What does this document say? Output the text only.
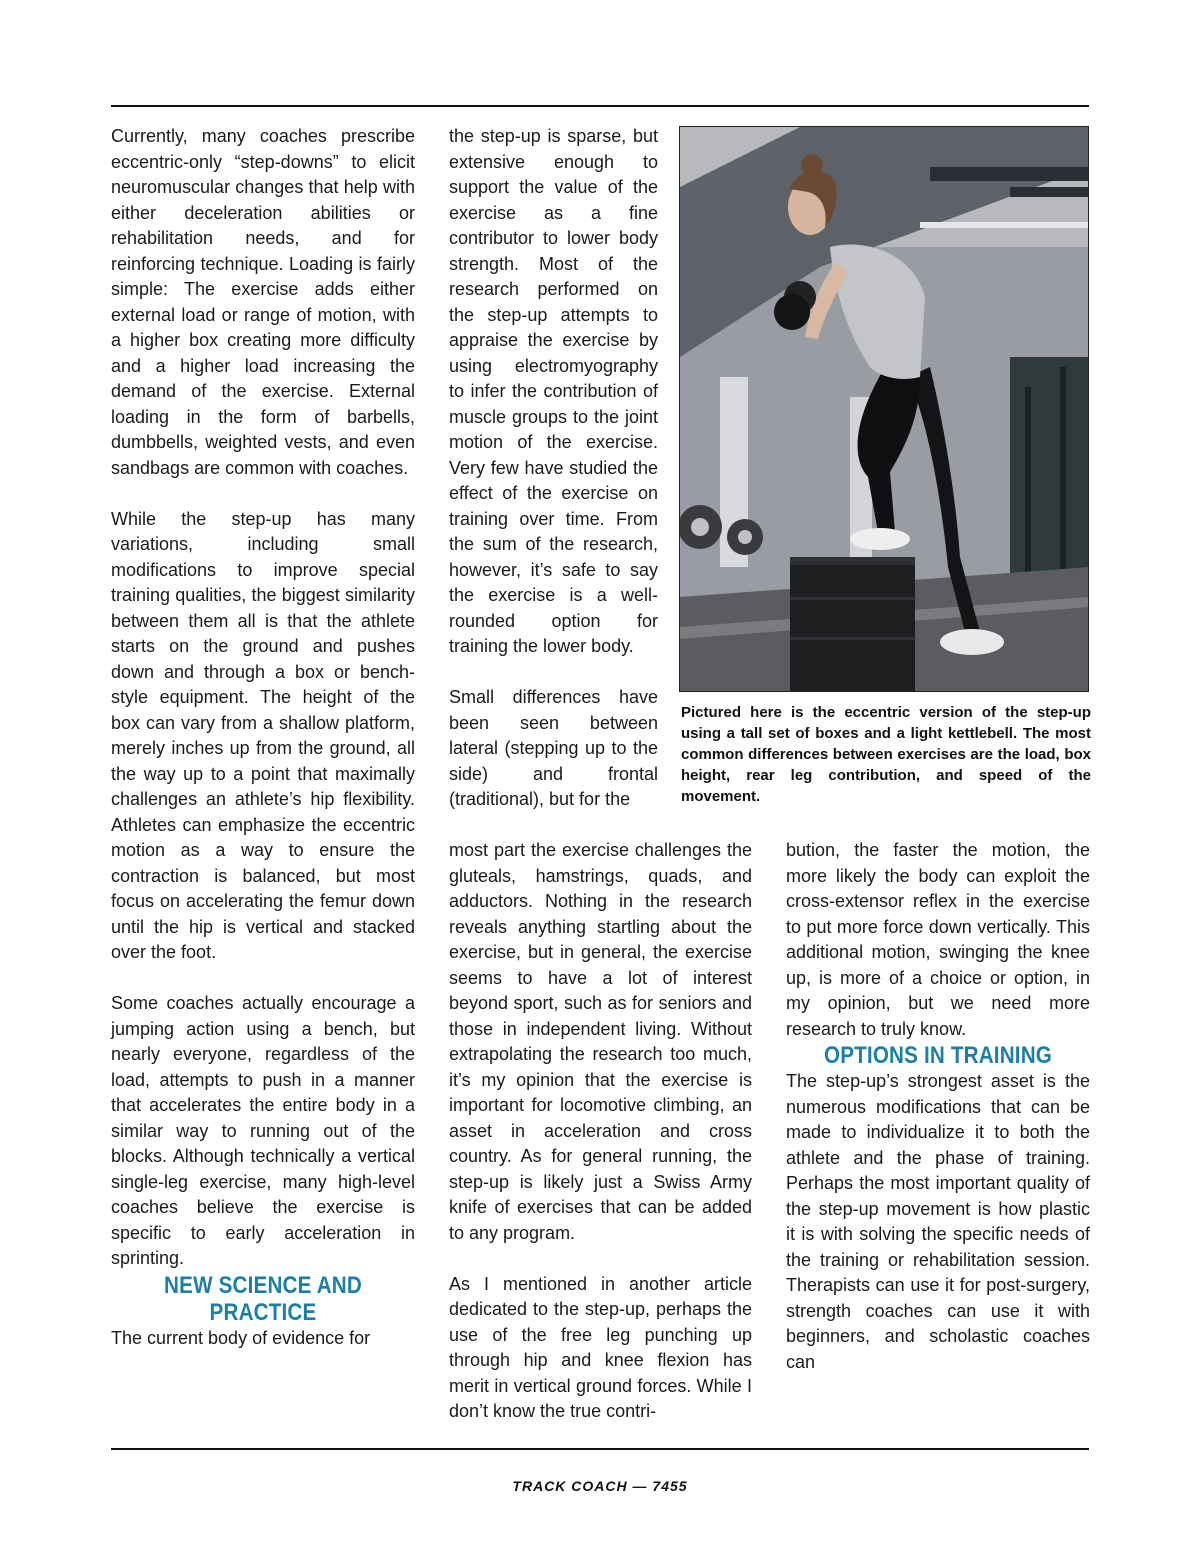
Currently, many coaches prescribe eccentric-only “step-downs” to elicit neuromuscular changes that help with either deceleration abilities or rehabilitation needs, and for reinforcing technique. Loading is fairly simple: The exercise adds either external load or range of motion, with a higher box creating more difficulty and a higher load increasing the demand of the exercise. External loading in the form of barbells, dumbbells, weighted vests, and even sandbags are common with coaches.

While the step-up has many variations, including small modifications to improve special training qualities, the biggest similarity between them all is that the athlete starts on the ground and pushes down and through a box or bench-style equipment. The height of the box can vary from a shallow platform, merely inches up from the ground, all the way up to a point that maximally challenges an athlete’s hip flexibility. Athletes can emphasize the eccentric motion as a way to ensure the contraction is balanced, but most focus on accelerating the femur down until the hip is vertical and stacked over the foot.

Some coaches actually encourage a jumping action using a bench, but nearly everyone, regardless of the load, attempts to push in a manner that accelerates the entire body in a similar way to running out of the blocks. Although technically a vertical single-leg exercise, many high-level coaches believe the exercise is specific to early acceleration in sprinting.

NEW SCIENCE AND
PRACTICE

The current body of evidence for

the step-up is sparse, but extensive enough to support the value of the exercise as a fine contributor to lower body strength. Most of the research performed on the step-up attempts to appraise the exercise by using electromyography to infer the contribution of muscle groups to the joint motion of the exercise. Very few have studied the effect of the exercise on training over time. From the sum of the research, however, it’s safe to say the exercise is a well-rounded option for training the lower body.

Small differences have been seen between lateral (stepping up to the side) and frontal (traditional), but for the

most part the exercise challenges the gluteals, hamstrings, quads, and adductors. Nothing in the research reveals anything startling about the exercise, but in general, the exercise seems to have a lot of interest beyond sport, such as for seniors and those in independent living. Without extrapolating the research too much, it’s my opinion that the exercise is important for locomotive climbing, an asset in acceleration and cross country. As for general running, the step-up is likely just a Swiss Army knife of exercises that can be added to any program.

As I mentioned in another article dedicated to the step-up, perhaps the use of the free leg punching up through hip and knee flexion has merit in vertical ground forces. While I don’t know the true contri-

bution, the faster the motion, the more likely the body can exploit the cross-extensor reflex in the exercise to put more force down vertically. This additional motion, swinging the knee up, is more of a choice or option, in my opinion, but we need more research to truly know.

OPTIONS IN TRAINING

The step-up’s strongest asset is the numerous modifications that can be made to individualize it to both the athlete and the phase of training. Perhaps the most important quality of the step-up movement is how plastic it is with solving the specific needs of the training or rehabilitation session. Therapists can use it for post-surgery, strength coaches can use it with beginners, and scholastic coaches can

Pictured here is the eccentric version of the step-up using a tall set of boxes and a light kettlebell. The most common differences between exercises are the load, box height, rear leg contribution, and speed of the movement.
TRACK COACH — 7455
